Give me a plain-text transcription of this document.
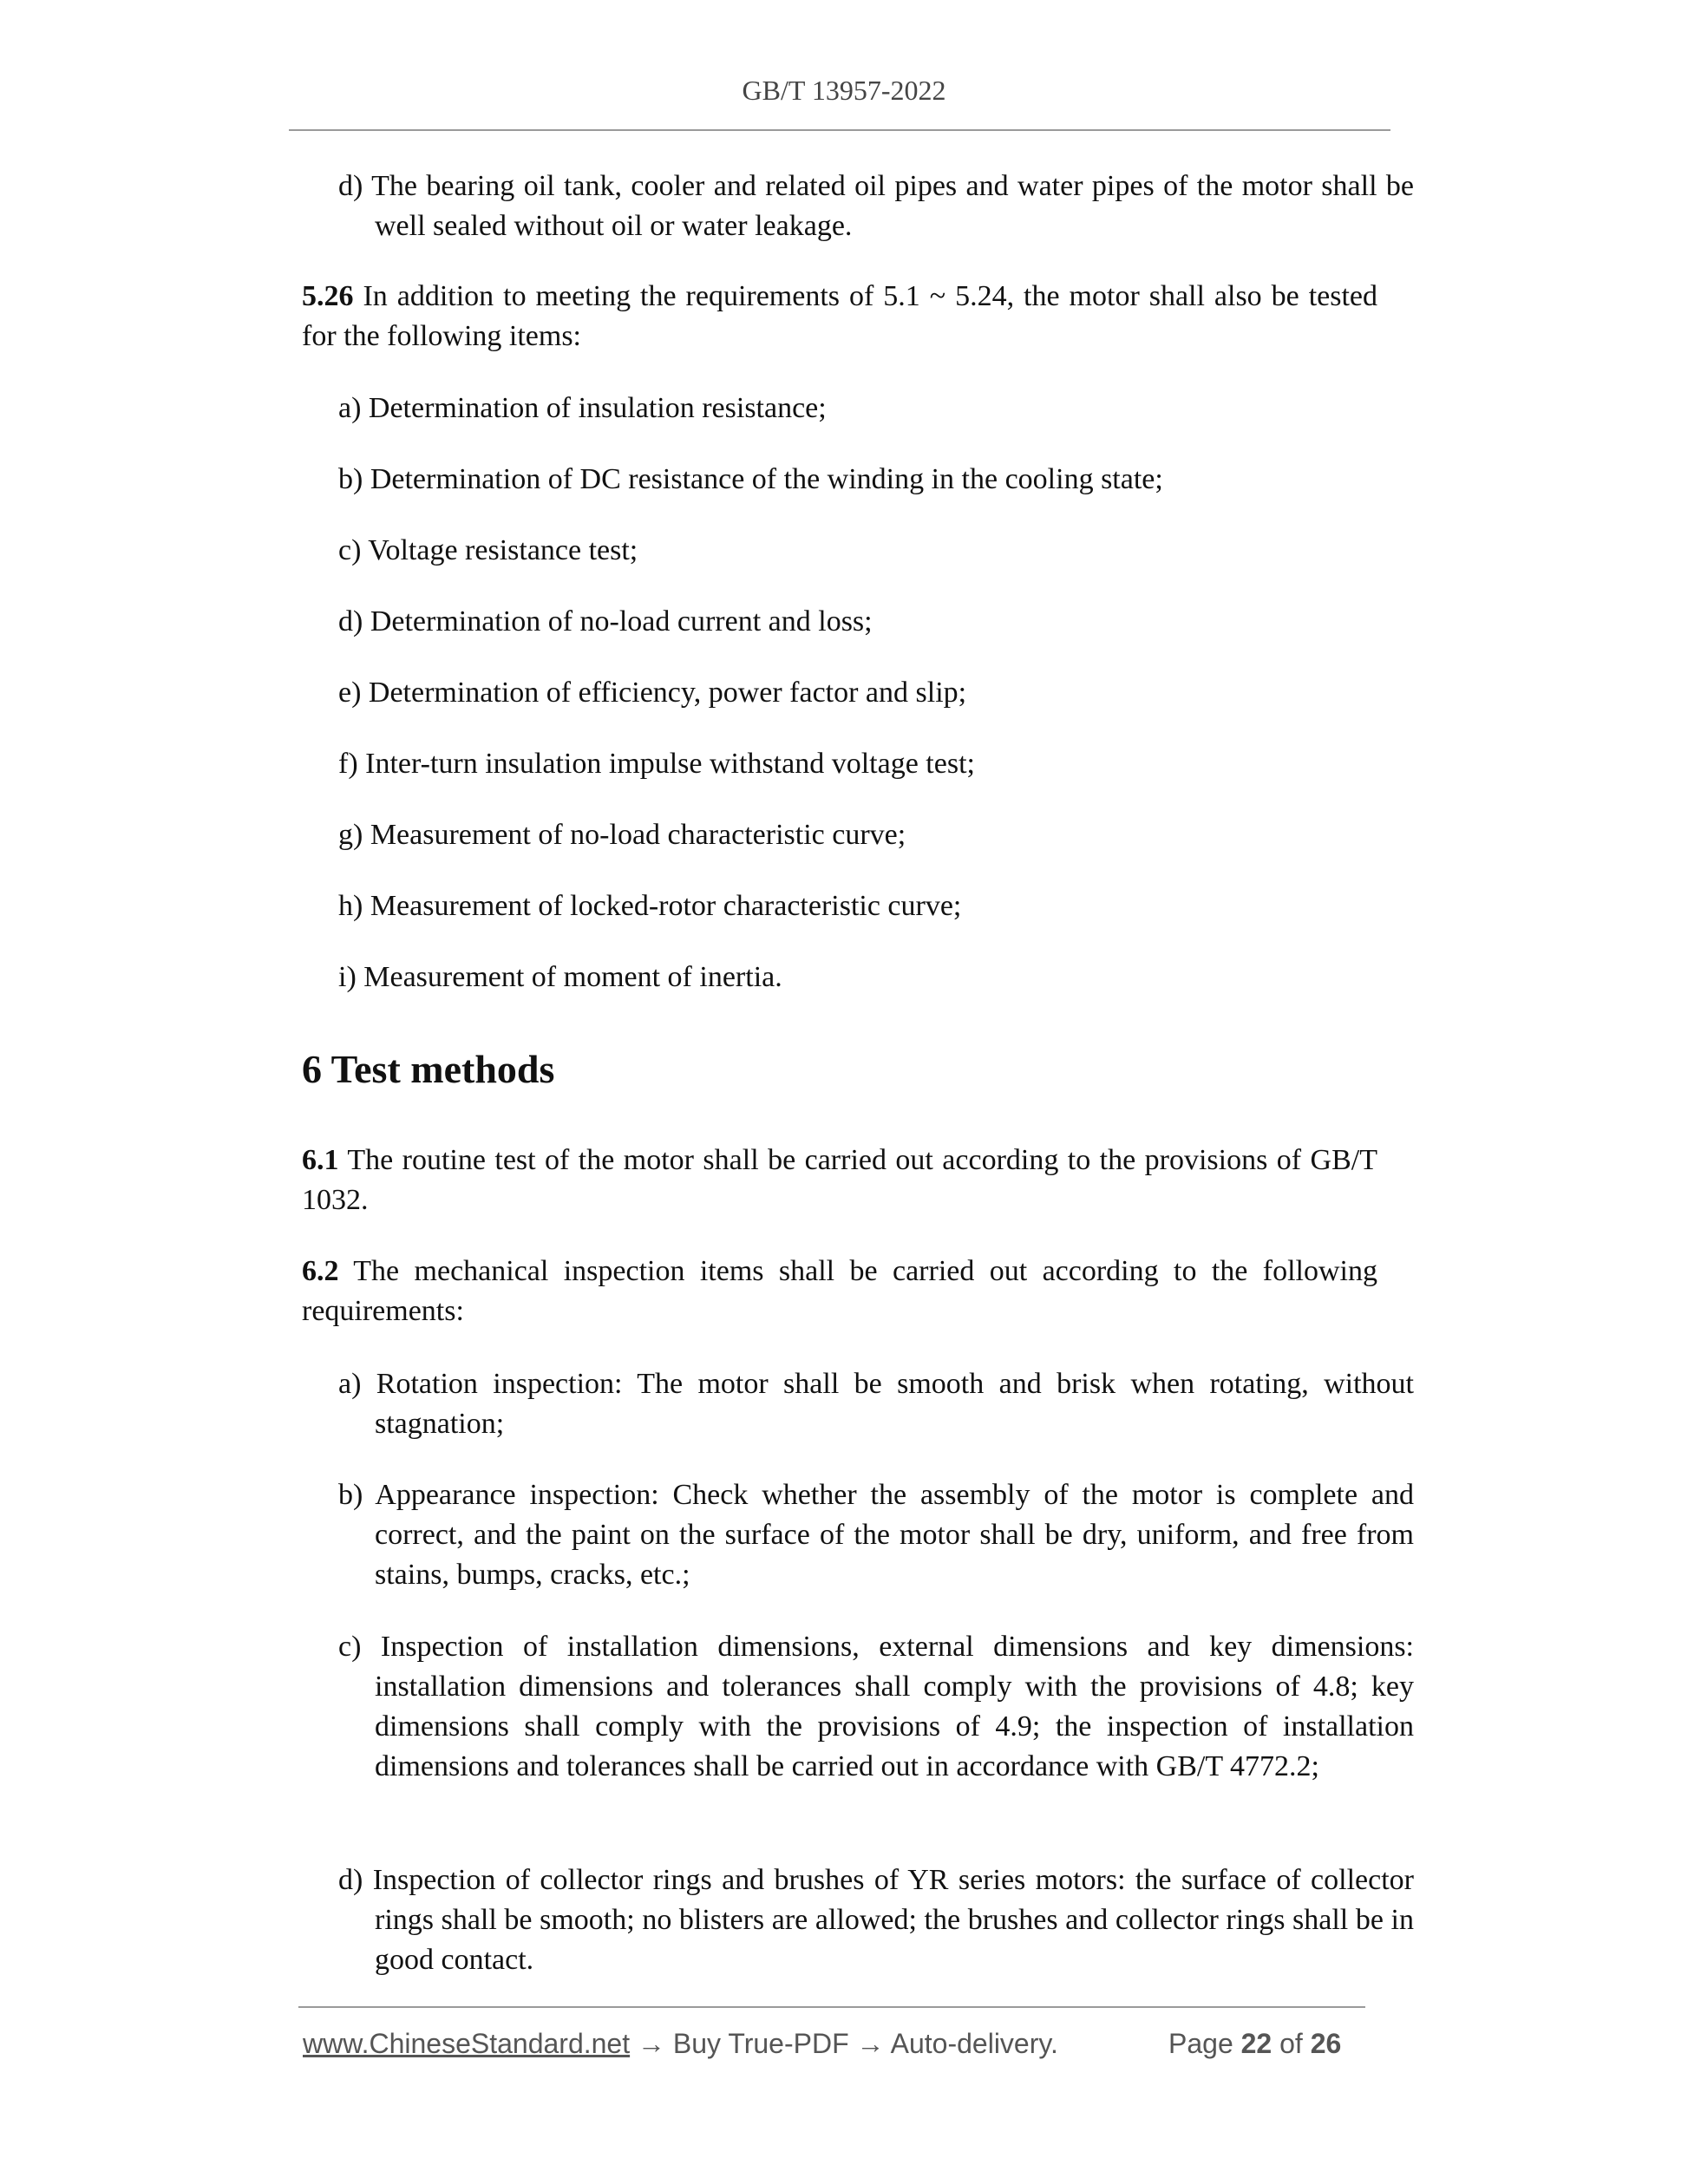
GB/T 13957-2022

d) The bearing oil tank, cooler and related oil pipes and water pipes of the motor shall be well sealed without oil or water leakage.

5.26 In addition to meeting the requirements of 5.1 ~ 5.24, the motor shall also be tested for the following items:

a) Determination of insulation resistance;

b) Determination of DC resistance of the winding in the cooling state;

c) Voltage resistance test;

d) Determination of no-load current and loss;

e) Determination of efficiency, power factor and slip;

f) Inter-turn insulation impulse withstand voltage test;

g) Measurement of no-load characteristic curve;

h) Measurement of locked-rotor characteristic curve;

i) Measurement of moment of inertia.

6 Test methods

6.1 The routine test of the motor shall be carried out according to the provisions of GB/T 1032.

6.2 The mechanical inspection items shall be carried out according to the following requirements:

a) Rotation inspection: The motor shall be smooth and brisk when rotating, without stagnation;

b) Appearance inspection: Check whether the assembly of the motor is complete and correct, and the paint on the surface of the motor shall be dry, uniform, and free from stains, bumps, cracks, etc.;

c) Inspection of installation dimensions, external dimensions and key dimensions: installation dimensions and tolerances shall comply with the provisions of 4.8; key dimensions shall comply with the provisions of 4.9; the inspection of installation dimensions and tolerances shall be carried out in accordance with GB/T 4772.2;

d) Inspection of collector rings and brushes of YR series motors: the surface of collector rings shall be smooth; no blisters are allowed; the brushes and collector rings shall be in good contact.

www.ChineseStandard.net → Buy True-PDF → Auto-delivery.	Page 22 of 26
